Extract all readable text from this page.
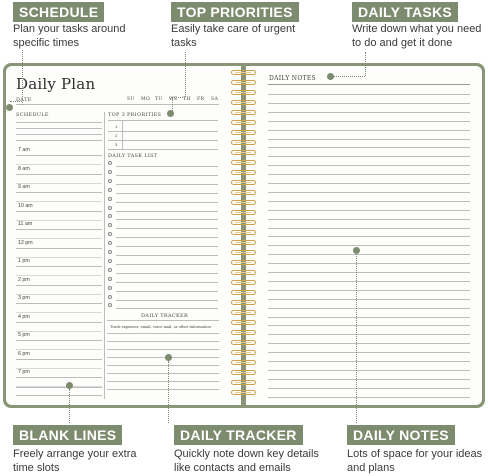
SCHEDULE
Plan your tasks around specific times
TOP PRIORITIES
Easily take care of urgent tasks
DAILY TASKS
Write down what you need to do and get it done
BLANK LINES
Freely arrange your extra time slots
DAILY TRACKER
Quickly note down key details like contacts and emails
DAILY NOTES
Lots of space for your ideas and plans
Daily Plan
DATE	SU MO TU WE TH FR SA
SCHEDULE	TOP 3 PRIORITIES
1
2
3
DAILY TASK LIST
7 am
8 am
9 am
10 am
11 am
12 pm
1 pm
2 pm
3 pm
4 pm
5 pm
6 pm
7 pm
DAILY TRACKER
Track expenses, email, voice mail, or other information
DAILY NOTES
